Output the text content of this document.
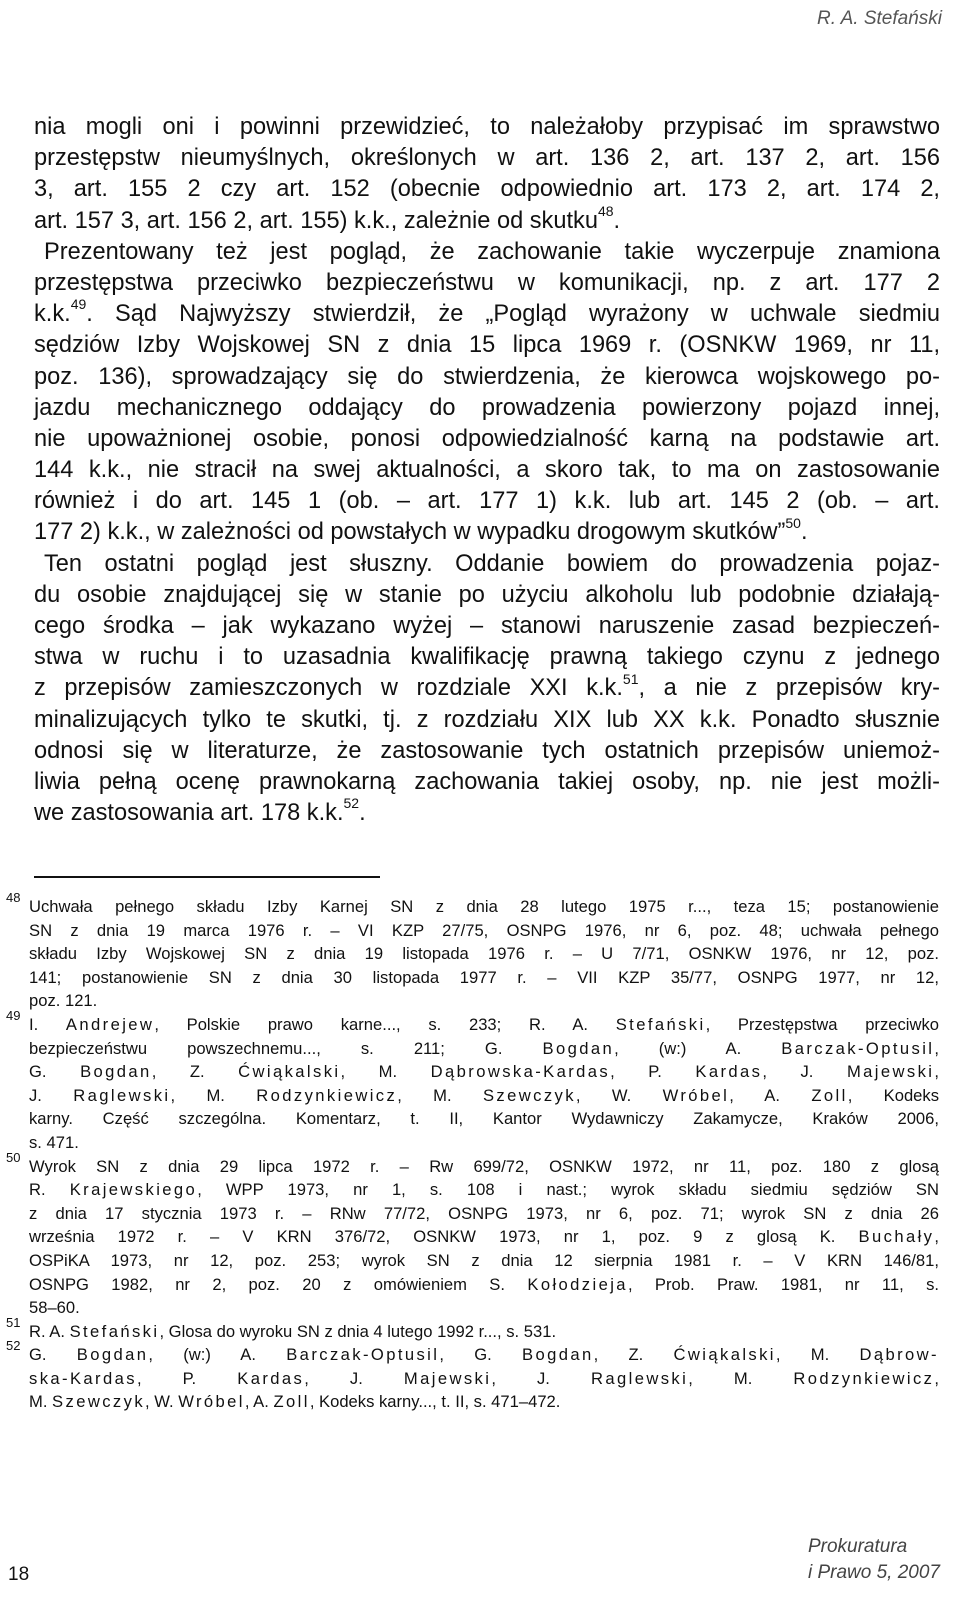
R. A. Stefański
nia mogli oni i powinni przewidzieć, to należałoby przypisać im sprawstwo
przestępstw nieumyślnych, określonych w art. 136 2, art. 137 2, art. 156
3, art. 155 2 czy art. 152 (obecnie odpowiednio art. 173 2, art. 174 2,
art. 157 3, art. 156 2, art. 155) k.k., zależnie od skutku$^{48}$.
Prezentowany też jest pogląd, że zachowanie takie wyczerpuje znamiona
przestępstwa przeciwko bezpieczeństwu w komunikacji, np. z art. 177 2
k.k.$^{49}$. Sąd Najwyższy stwierdził, że „Pogląd wyrażony w uchwale siedmiu
sędziów Izby Wojskowej SN z dnia 15 lipca 1969 r. (OSNKW 1969, nr 11,
poz. 136), sprowadzający się do stwierdzenia, że kierowca wojskowego po-
jazdu mechanicznego oddający do prowadzenia powierzony pojazd innej,
nie upoważnionej osobie, ponosi odpowiedzialność karną na podstawie art.
144 k.k., nie stracił na swej aktualności, a skoro tak, to ma on zastosowanie
również i do art. 145 1 (ob. – art. 177 1) k.k. lub art. 145 2 (ob. – art.
177 2) k.k., w zależności od powstałych w wypadku drogowym skutków”$^{50}$.
Ten ostatni pogląd jest słuszny. Oddanie bowiem do prowadzenia pojaz-
du osobie znajdującej się w stanie po użyciu alkoholu lub podobnie działają-
cego środka – jak wykazano wyżej – stanowi naruszenie zasad bezpieczeń-
stwa w ruchu i to uzasadnia kwalifikację prawną takiego czynu z jednego
z przepisów zamieszczonych w rozdziale XXI k.k.$^{51}$, a nie z przepisów kry-
minalizujących tylko te skutki, tj. z rozdziału XIX lub XX k.k. Ponadto słusznie
odnosi się w literaturze, że zastosowanie tych ostatnich przepisów uniemoż-
liwia pełną ocenę prawnokarną zachowania takiej osoby, np. nie jest możli-
we zastosowania art. 178 k.k.$^{52}$.
48 Uchwała pełnego składu Izby Karnej SN z dnia 28 lutego 1975 r..., teza 15; postanowienie
SN z dnia 19 marca 1976 r. – VI KZP 27/75, OSNPG 1976, nr 6, poz. 48; uchwała pełnego
składu Izby Wojskowej SN z dnia 19 listopada 1976 r. – U 7/71, OSNKW 1976, nr 12, poz.
141; postanowienie SN z dnia 30 listopada 1977 r. – VII KZP 35/77, OSNPG 1977, nr 12,
poz. 121.
49 I. Andrejew, Polskie prawo karne..., s. 233; R. A. Stefański, Przestępstwa przeciwko
bezpieczeństwu powszechnemu..., s. 211; G. Bogdan, (w:) A. Barczak-Optusil,
G. Bogdan, Z. Ćwiąkalski, M. Dąbrowska-Kardas, P. Kardas, J. Majewski,
J. Raglewski, M. Rodzynkiewicz, M. Szewczyk, W. Wróbel, A. Zoll, Kodeks
karny. Część szczególna. Komentarz, t. II, Kantor Wydawniczy Zakamycze, Kraków 2006,
s. 471.
50 Wyrok SN z dnia 29 lipca 1972 r. – Rw 699/72, OSNKW 1972, nr 11, poz. 180 z glosą
R. Krajewskiego, WPP 1973, nr 1, s. 108 i nast.; wyrok składu siedmiu sędziów SN
z dnia 17 stycznia 1973 r. – RNw 77/72, OSNPG 1973, nr 6, poz. 71; wyrok SN z dnia 26
września 1972 r. – V KRN 376/72, OSNKW 1973, nr 1, poz. 9 z glosą K. Buchały,
OSPiKA 1973, nr 12, poz. 253; wyrok SN z dnia 12 sierpnia 1981 r. – V KRN 146/81,
OSNPG 1982, nr 2, poz. 20 z omówieniem S. Kołodzieja, Prob. Praw. 1981, nr 11, s.
58–60.
51 R. A. Stefański, Glosa do wyroku SN z dnia 4 lutego 1992 r..., s. 531.
52 G. Bogdan, (w:) A. Barczak-Optusil, G. Bogdan, Z. Ćwiąkalski, M. Dąbrow-
ska-Kardas, P. Kardas, J. Majewski, J. Raglewski, M. Rodzynkiewicz,
M. Szewczyk, W. Wróbel, A. Zoll, Kodeks karny..., t. II, s. 471–472.
18
Prokuratura
i Prawo 5, 2007
